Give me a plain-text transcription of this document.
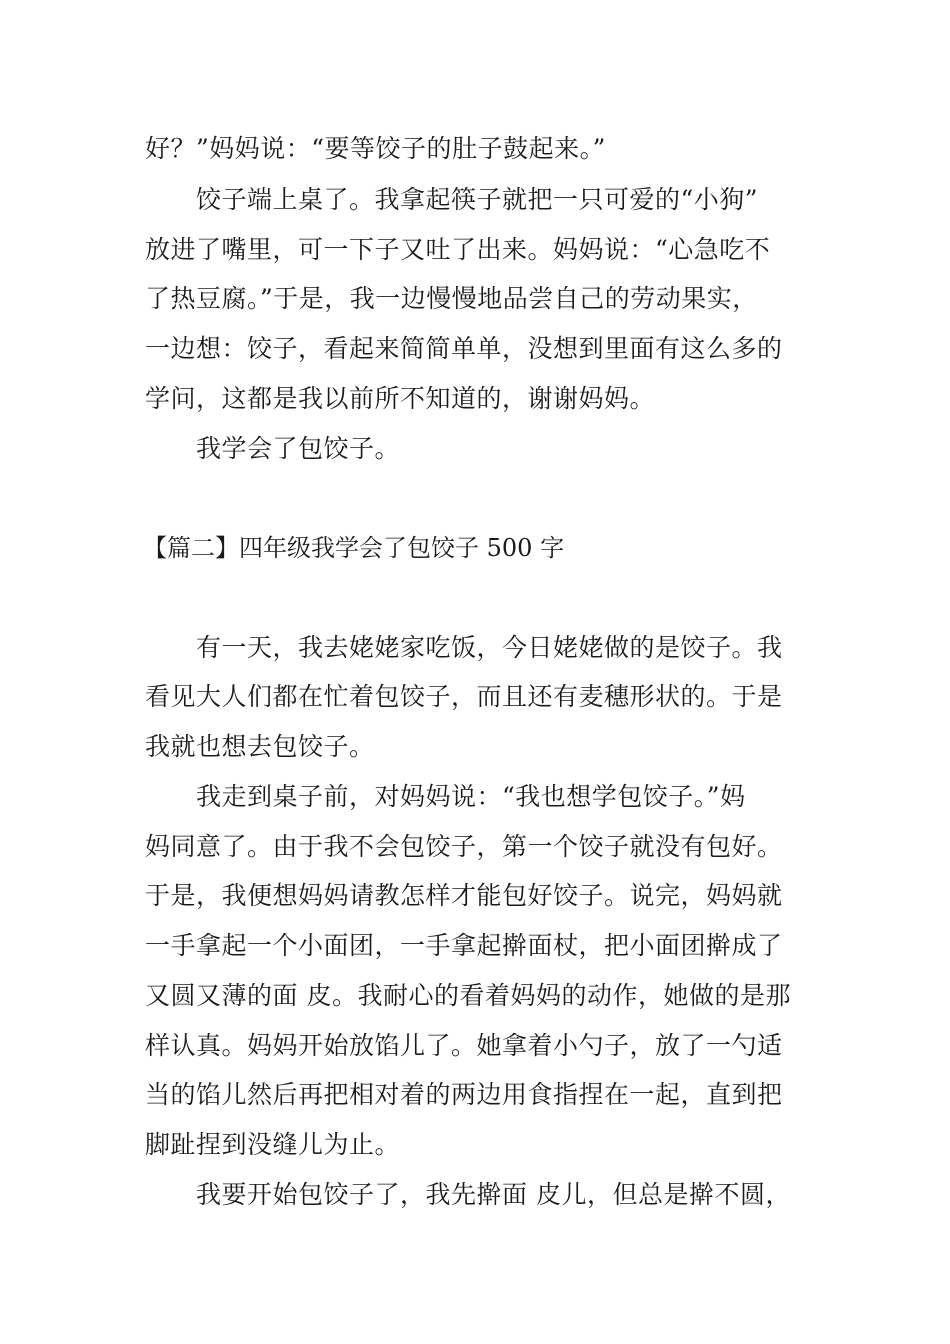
好？”妈妈说：“要等饺子的肚子鼓起来。”
饺子端上桌了。我拿起筷子就把一只可爱的“小狗”
放进了嘴里，可一下子又吐了出来。妈妈说：“心急吃不
了热豆腐。”于是，我一边慢慢地品尝自己的劳动果实，
一边想：饺子，看起来简简单单，没想到里面有这么多的
学问，这都是我以前所不知道的，谢谢妈妈。
我学会了包饺子。
【篇二】四年级我学会了包饺子 500 字
有一天，我去姥姥家吃饭，今日姥姥做的是饺子。我
看见大人们都在忙着包饺子，而且还有麦穗形状的。于是
我就也想去包饺子。
我走到桌子前，对妈妈说：“我也想学包饺子。”妈
妈同意了。由于我不会包饺子，第一个饺子就没有包好。
于是，我便想妈妈请教怎样才能包好饺子。说完，妈妈就
一手拿起一个小面团，一手拿起擀面杖，把小面团擀成了
又圆又薄的面 皮。我耐心的看着妈妈的动作，她做的是那
样认真。妈妈开始放馅儿了。她拿着小勺子，放了一勺适
当的馅儿然后再把相对着的两边用食指捏在一起，直到把
脚趾捏到没缝儿为止。
我要开始包饺子了，我先擀面 皮儿，但总是擀不圆，
